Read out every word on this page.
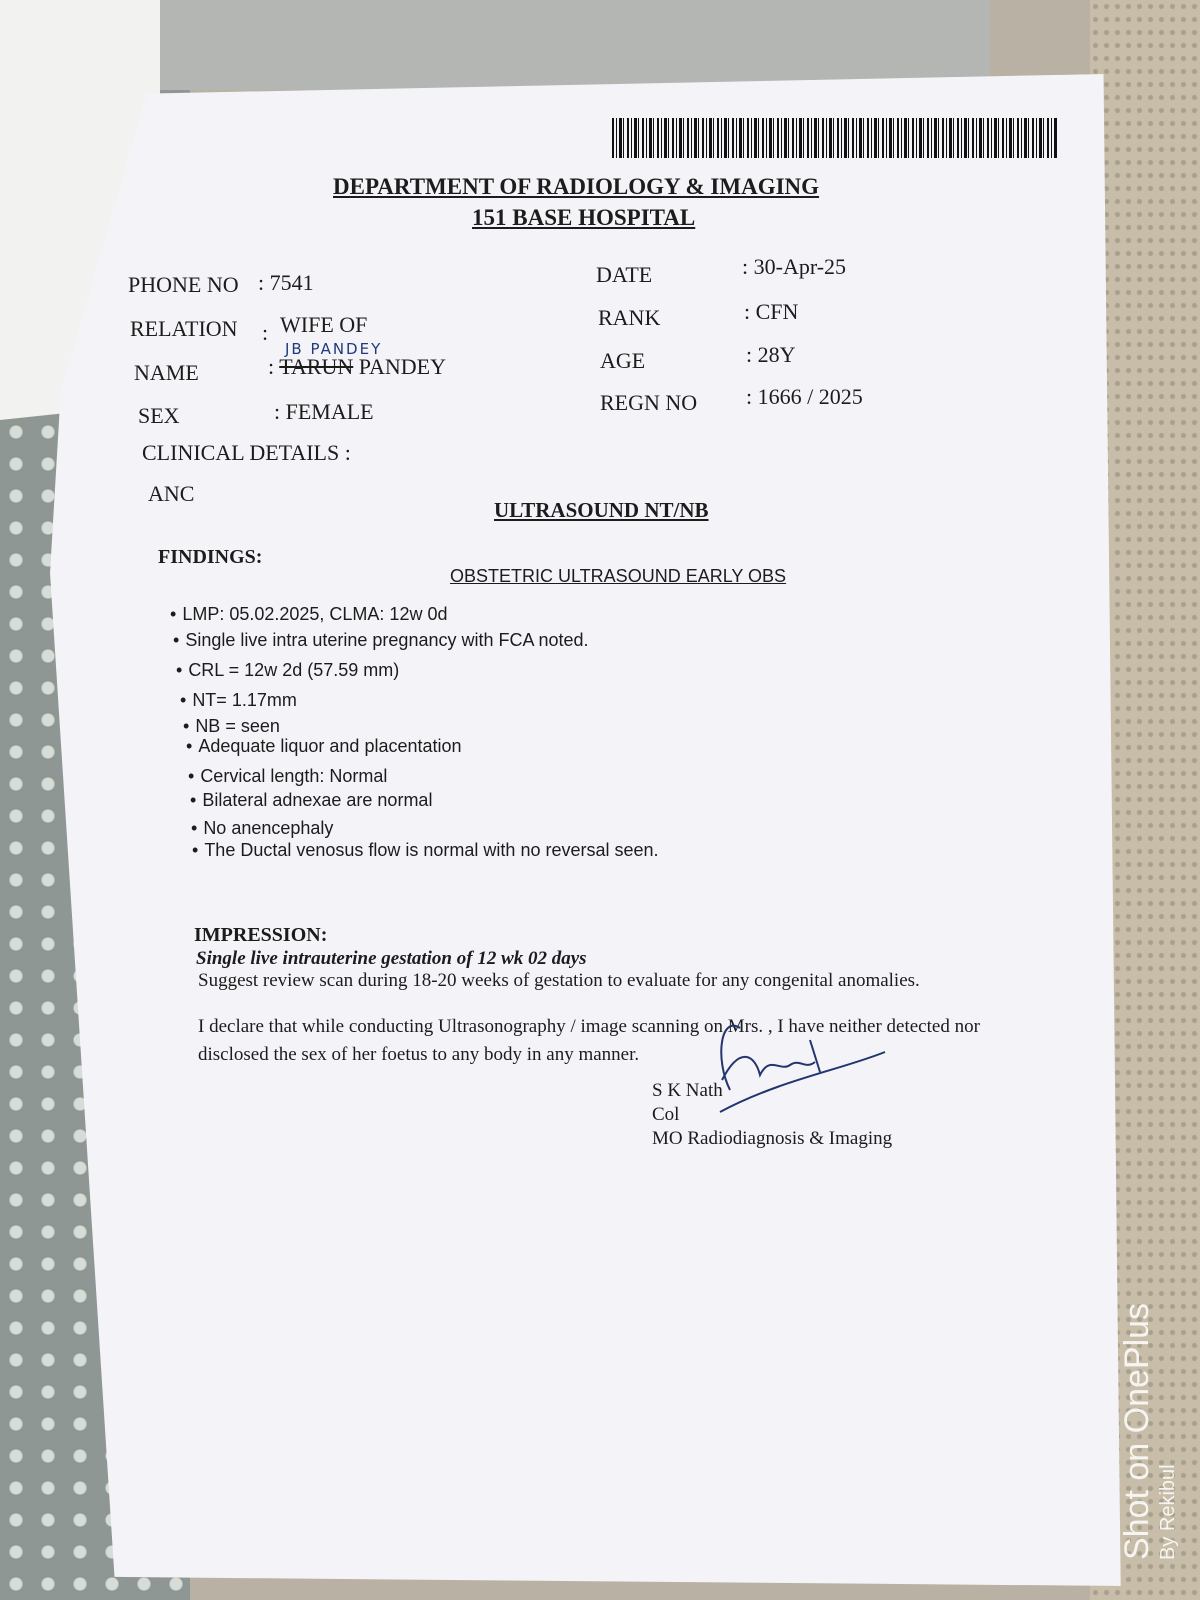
DEPARTMENT OF RADIOLOGY & IMAGING
151 BASE HOSPITAL
PHONE NO : 7541
RELATION : WIFE OF
JB PANDEY
NAME	: TARUN PANDEY
SEX	: FEMALE
CLINICAL DETAILS :
ANC
DATE	: 30-Apr-25
RANK	: CFN
AGE	: 28Y
REGN NO : 1666 / 2025
ULTRASOUND NT/NB
FINDINGS:
OBSTETRIC ULTRASOUND EARLY OBS
• LMP: 05.02.2025, CLMA: 12w 0d
• Single live intra uterine pregnancy with FCA noted.
• CRL = 12w 2d (57.59 mm)
• NT= 1.17mm
• NB = seen
• Adequate liquor and placentation
• Cervical length: Normal
• Bilateral adnexae are normal
• No anencephaly
• The Ductal venosus flow is normal with no reversal seen.
IMPRESSION:
Single live intrauterine gestation of 12 wk 02 days
Suggest review scan during 18-20 weeks of gestation to evaluate for any congenital anomalies.
I declare that while conducting Ultrasonography / image scanning on Mrs. , I have neither detected nor
disclosed the sex of her foetus to any body in any manner.
S K Nath
Col
MO Radiodiagnosis & Imaging
Shot on OnePlus By Rekibul
